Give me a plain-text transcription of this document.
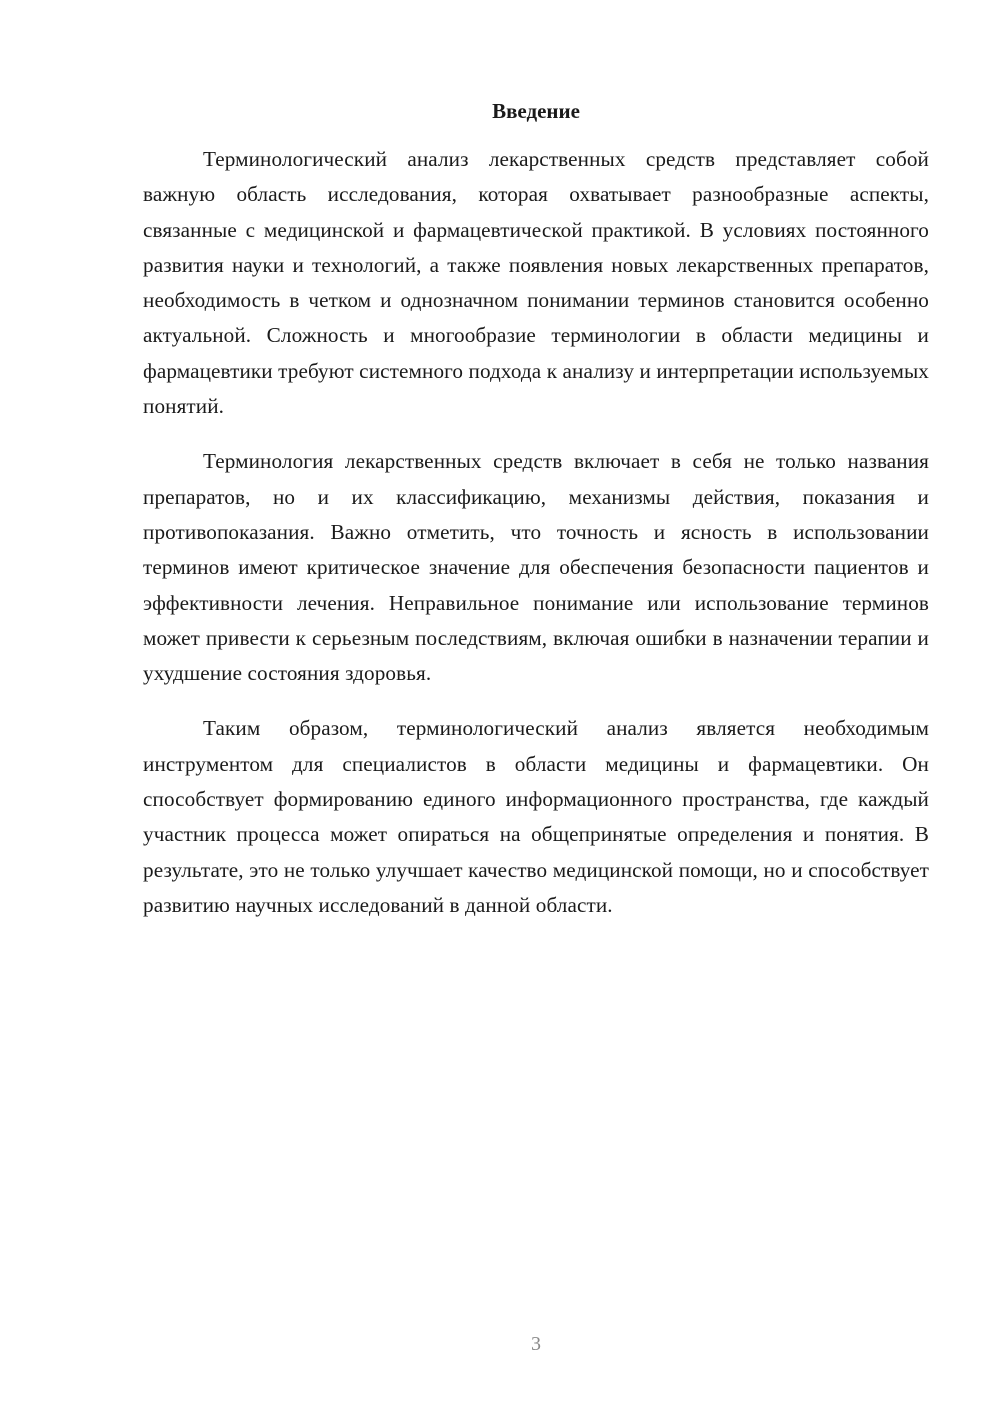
Введение

Терминологический анализ лекарственных средств представляет собой важную область исследования, которая охватывает разнообразные аспекты, связанные с медицинской и фармацевтической практикой. В условиях постоянного развития науки и технологий, а также появления новых лекарственных препаратов, необходимость в четком и однозначном понимании терминов становится особенно актуальной. Сложность и многообразие терминологии в области медицины и фармацевтики требуют системного подхода к анализу и интерпретации используемых понятий.

Терминология лекарственных средств включает в себя не только названия препаратов, но и их классификацию, механизмы действия, показания и противопоказания. Важно отметить, что точность и ясность в использовании терминов имеют критическое значение для обеспечения безопасности пациентов и эффективности лечения. Неправильное понимание или использование терминов может привести к серьезным последствиям, включая ошибки в назначении терапии и ухудшение состояния здоровья.

Таким образом, терминологический анализ является необходимым инструментом для специалистов в области медицины и фармацевтики. Он способствует формированию единого информационного пространства, где каждый участник процесса может опираться на общепринятые определения и понятия. В результате, это не только улучшает качество медицинской помощи, но и способствует развитию научных исследований в данной области.

3
